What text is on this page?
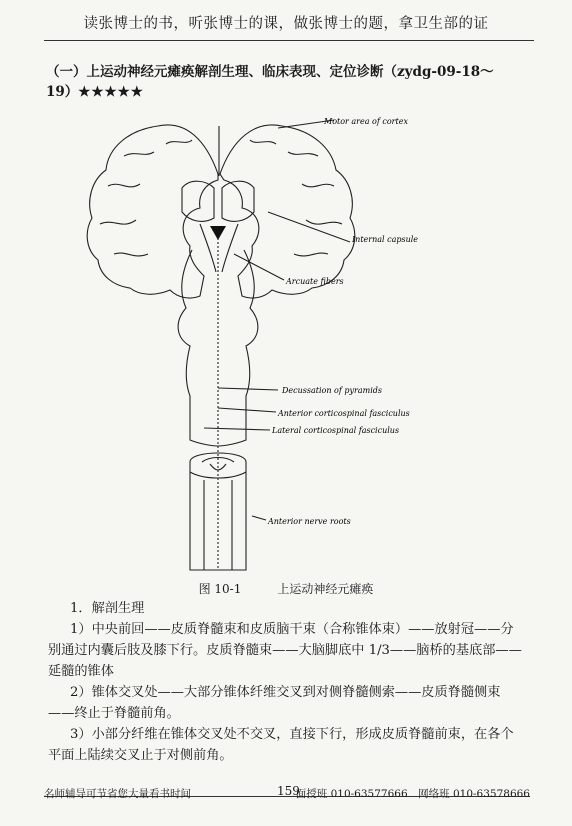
读张博士的书，听张博士的课，做张博士的题，拿卫生部的证
（一）上运动神经元瘫痪解剖生理、临床表现、定位诊断（zydg-09-18～19）★★★★★
Motor area of cortex
Internal capsule
Arcuate fibers
Decussation of pyramids
Anterior corticospinal fasciculus
Lateral corticospinal fasciculus
Anterior nerve roots
图 10-1	上运动神经元瘫痪

1．解剖生理

1）中央前回——皮质脊髓束和皮质脑干束（合称锥体束）——放射冠——分别通过内囊后肢及膝下行。皮质脊髓束——大脑脚底中 1/3——脑桥的基底部——延髓的锥体

2）锥体交叉处——大部分锥体纤维交叉到对侧脊髓侧索——皮质脊髓侧束——终止于脊髓前角。

3）小部分纤维在锥体交叉处不交叉，直接下行，形成皮质脊髓前束，在各个平面上陆续交叉止于对侧前角。

名师辅导可节省您大量看书时间	159
面授班 010-63577666　网络班 010-63578666
